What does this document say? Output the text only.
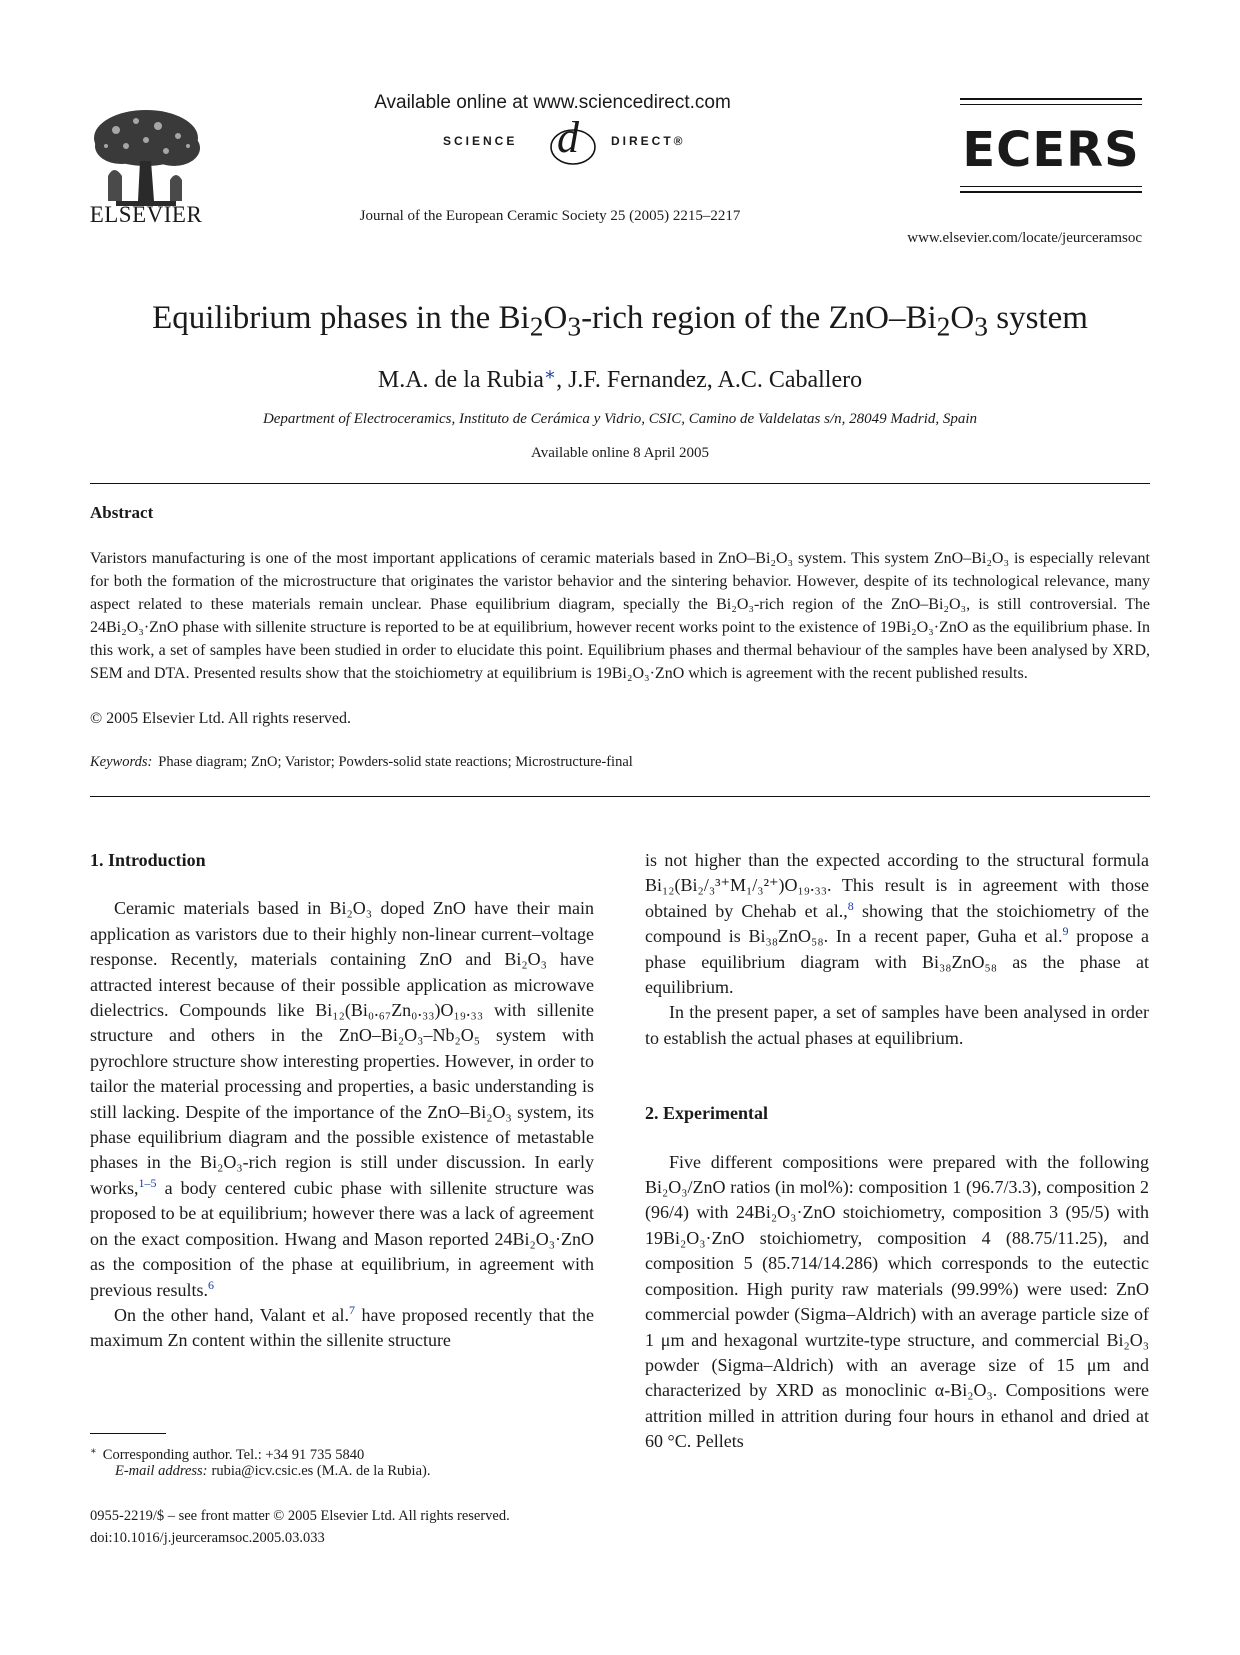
ELSEVIER
Available online at www.sciencedirect.com
SCIENCE d	DIRECT®
Journal of the European Ceramic Society 25 (2005) 2215–2217
ECERS
www.elsevier.com/locate/jeurceramsoc
Equilibrium phases in the $Bi_2O_3$-rich region of the ZnO–$Bi_2O_3$ system
M.A. de la Rubia∗, J.F. Fernandez, A.C. Caballero
Department of Electroceramics, Instituto de Cerámica y Vidrio, CSIC, Camino de Valdelatas s/n, 28049 Madrid, Spain
Available online 8 April 2005
Abstract
Varistors manufacturing is one of the most important applications of ceramic materials based in ZnO–Bi₂O₃ system. This system ZnO–Bi₂O₃ is especially relevant for both the formation of the microstructure that originates the varistor behavior and the sintering behavior. However, despite of its technological relevance, many aspect related to these materials remain unclear. Phase equilibrium diagram, specially the Bi₂O₃-rich region of the ZnO–Bi₂O₃, is still controversial. The 24Bi₂O₃·ZnO phase with sillenite structure is reported to be at equilibrium, however recent works point to the existence of 19Bi₂O₃·ZnO as the equilibrium phase. In this work, a set of samples have been studied in order to elucidate this point. Equilibrium phases and thermal behaviour of the samples have been analysed by XRD, SEM and DTA. Presented results show that the stoichiometry at equilibrium is 19Bi₂O₃·ZnO which is agreement with the recent published results.
© 2005 Elsevier Ltd. All rights reserved.
Keywords: Phase diagram; ZnO; Varistor; Powders-solid state reactions; Microstructure-final
1. Introduction

Ceramic materials based in Bi₂O₃ doped ZnO have their main application as varistors due to their highly non-linear current–voltage response. Recently, materials containing ZnO and Bi₂O₃ have attracted interest because of their possible application as microwave dielectrics. Compounds like Bi₁₂(Bi₀.₆₇Zn₀.₃₃)O₁₉.₃₃ with sillenite structure and others in the ZnO–Bi₂O₃–Nb₂O₅ system with pyrochlore structure show interesting properties. However, in order to tailor the material processing and properties, a basic understanding is still lacking. Despite of the importance of the ZnO–Bi₂O₃ system, its phase equilibrium diagram and the possible existence of metastable phases in the Bi₂O₃-rich region is still under discussion. In early works,$^{1-5}$ a body centered cubic phase with sillenite structure was proposed to be at equilibrium; however there was a lack of agreement on the exact composition. Hwang and Mason reported 24Bi₂O₃·ZnO as the composition of the phase at equilibrium, in agreement with previous results.$^6$

On the other hand, Valant et al.$^7$ have proposed recently that the maximum Zn content within the sillenite structure

is not higher than the expected according to the structural formula Bi₁₂(Bi₂/₃³⁺M₁/₃²⁺)O₁₉.₃₃. This result is in agreement with those obtained by Chehab et al.,$^8$ showing that the stoichiometry of the compound is Bi₃₈ZnO₅₈. In a recent paper, Guha et al.$^9$ propose a phase equilibrium diagram with Bi₃₈ZnO₅₈ as the phase at equilibrium.

In the present paper, a set of samples have been analysed in order to establish the actual phases at equilibrium.

2. Experimental

Five different compositions were prepared with the following Bi₂O₃/ZnO ratios (in mol%): composition 1 (96.7/3.3), composition 2 (96/4) with 24Bi₂O₃·ZnO stoichiometry, composition 3 (95/5) with 19Bi₂O₃·ZnO stoichiometry, composition 4 (88.75/11.25), and composition 5 (85.714/14.286) which corresponds to the eutectic composition. High purity raw materials (99.99%) were used: ZnO commercial powder (Sigma–Aldrich) with an average particle size of 1 μm and hexagonal wurtzite-type structure, and commercial Bi₂O₃ powder (Sigma–Aldrich) with an average size of 15 μm and characterized by XRD as monoclinic α-Bi₂O₃. Compositions were attrition milled in attrition during four hours in ethanol and dried at 60 °C. Pellets

∗ Corresponding author. Tel.: +34 91 735 5840
E-mail address: rubia@icv.csic.es (M.A. de la Rubia).
0955-2219/$ – see front matter © 2005 Elsevier Ltd. All rights reserved.
doi:10.1016/j.jeurceramsoc.2005.03.033
